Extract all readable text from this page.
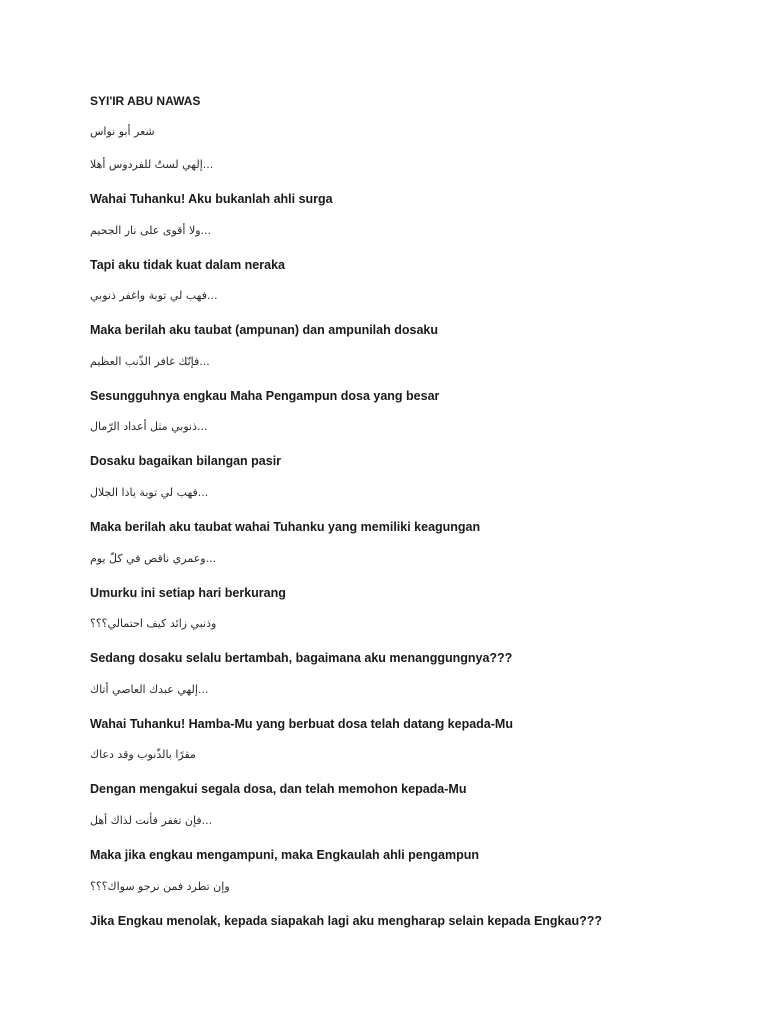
SYI'IR ABU NAWAS
شعر أبو نواس
إلهي لستُ للفردوس أهلا...
Wahai Tuhanku! Aku bukanlah ahli surga
ولا أقوى على نار الجحيم...
Tapi aku tidak kuat dalam neraka
فهب لي توبة واغفر ذنوبي...
Maka berilah aku taubat (ampunan) dan ampunilah dosaku
فإنّك غافر الذّنب العظيم...
Sesungguhnya engkau Maha Pengampun dosa yang besar
ذنوبي مثل أعداد الرّمال...
Dosaku bagaikan bilangan pasir
فهب لي توبة ياذا الجلال...
Maka berilah aku taubat wahai Tuhanku yang memiliki keagungan
وعمري ناقص في كلّ يوم...
Umurku ini setiap hari berkurang
وذنبي زائد كيف احتمالي؟؟؟
Sedang dosaku selalu bertambah, bagaimana aku menanggungnya???
إلهي عبدك العاصي أتاك...
Wahai Tuhanku! Hamba-Mu yang berbuat dosa telah datang kepada-Mu
مقرًا بالذّنوب وقد دعاك
Dengan mengakui segala dosa, dan telah memohon kepada-Mu
فإن تغفر فأنت لذاك أهل...
Maka jika engkau mengampuni, maka Engkaulah ahli pengampun
وإن تطرد فمن نرجو سواك؟؟؟
Jika Engkau menolak, kepada siapakah lagi aku mengharap selain kepada Engkau???
